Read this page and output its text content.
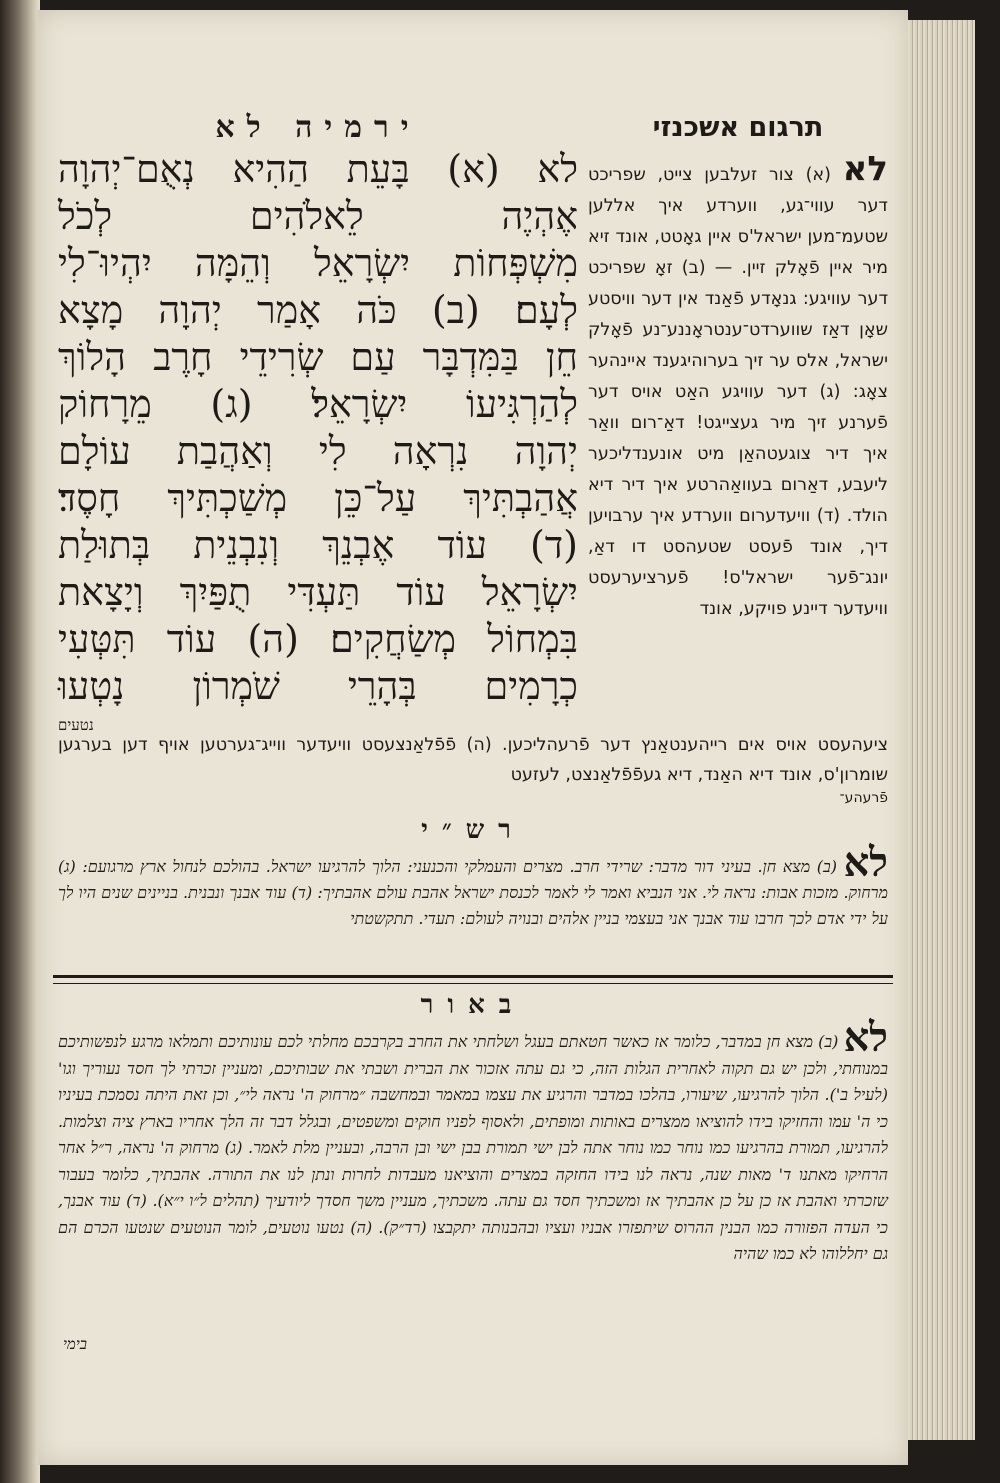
תרגום אשכנזי
לא (א) צור זעלבען צייט, שפריכט דער עווי־גע, ווערדע איך אללען שטעמ־מען ישראל'ס איין גאָטט, אונד זיא מיר איין פֿאָלק זיין. — (ב) זאָ שפריכט דער עוויגע: גנאָדע פֿאַנד אין דער וויסטע שאָן דאַז שווערדט־ענטראָננע־נע פֿאָלק ישראל, אלס ער זיך בערוהיגענד איינהער צאָג: (ג) דער עוויגע האַט אויס דער פֿערנע זיך מיר געצייגט! דאַ־רום וואַר איך דיר צוגעטהאַן מיט אונענדליכער ליעבע, דאַרום בעוואַהרטע איך דיר דיא הולד. (ד) וויעדערום ווערדע איך ערבויען דיך, אונד פֿעסט שטעהסט דו דאַ, יונג־פֿער ישראל'ס! פֿערציערעסט וויעדער דיינע פויקע, אונד
ירמיה לא
לא (א) בָּעֵת הַהִיא נְאֻם־יְהוָה
אֶהְיֶה לֵאלֹהִים לְכֹל
מִשְׁפְּחוֹת יִשְׂרָאֵל וְהֵמָּה יִהְיוּ־לִי
לְעָם׃ (ב) כֹּה אָמַר יְהוָה מָצָא
חֵן בַּמִּדְבָּר עַם שְׂרִידֵי חָרֶב הָלוֹךְ
לְהַרְגִּיעוֹ יִשְׂרָאֵל׃ (ג) מֵרָחוֹק
יְהוָה נִרְאָה לִי וְאַהֲבַת עוֹלָם
אֲהַבְתִּיךְ עַל־כֵּן מְשַׁכְתִּיךְ חָסֶד׃
(ד) עוֹד אֶבְנֵךְ וְנִבְנֵית בְּתוּלַת
יִשְׂרָאֵל עוֹד תַּעְדִּי תֻפַּיִךְ וְיָצָאת
בִּמְחוֹל מְשַׂחֲקִים׃ (ה) עוֹד תִּטְּעִי
כְרָמִים בְּהָרֵי שֹׁמְרוֹן נָטְעוּ
נטעים
ציעהעסט אויס אים רייהענטאַנץ דער פֿרעהליכען. (ה) פֿפֿלאַנצעסט וויעדער ווייג־גערטען אויף דען בערגען שומרון'ס, אונד דיא האַנד, דיא געפֿפֿלאַנצט, לעזעט
פֿרעהע־
רש״י
לא (ב) מצא חן. בעיני דור מדבר: שרידי חרב. מצרים והעמלקי והכנעני: הלוך להרגיעו ישראל. בהולכם לנחול ארץ מרגועם: (ג) מרחוק. מזכות אבות: נראה לי. אני הנביא ואמר לי לאמר לכנסת ישראל אהבת עולם אהבתיך: (ד) עוד אבנך ונבנית. בניינים שנים היו לך על ידי אדם לכך חרבו עוד אבנך אני בעצמי בניין אלהים ובנויה לעולם: תעדי. תתקשטתי
באור
לא (ב) מצא חן במדבר, כלומר אז כאשר חטאתם בעגל ושלחתי את החרב בקרבכם מחלתי לכם עונותיכם ותמלאו מרגע לנפשותיכם במנוחתי, ולכן יש גם תקוה לאחרית הגלות הזה, כי גם עתה אזכור את הברית ושבתי את שבותיכם, ומעניין זכרתי לך חסד נעוריך וגו' (לעיל ב'). הלוך להרגיעו, שיעורו, בהלכו במדבר והרגיע את עצמו במאמר ובמחשבה ״מרחוק ה' נראה לי״, וכן זאת היתה נסמכת בעיניו כי ה' עמו והחזיקו בידו להוציאו ממצרים באותות ומופתים, ולאסוף לפניו חוקים ומשפטים, ובגלל דבר זה הלך אחריו בארץ ציה וצלמות. להרגיעו, תמורת בהרגיעו כמו נוחר כמו נוחר אתה לבן ישי תמורת בבן ישי ובן הרבה, ובעניין מלת לאמר. (ג) מרחוק ה' נראה, ר״ל אחר הרחיקו מאתנו ד' מאות שנה, נראה לנו בידו החזקה במצרים והוציאנו מעבדות לחרות ונתן לנו את התורה. אהבתיך, כלומר בעבור שזכרתי ואהבת אז כן על כן אהבתיך אז ומשכתיך חסד גם עתה. משכתיך, מעניין משך חסדך ליודעיך (תהלים ל״ו י״א). (ד) עוד אבנך, כי העדה הפזורה כמו הבנין ההרוס שיתפזרו אבניו ועציו ובהבנותה יתקבצו (רד״ק). (ה) נטעו נוטעים, לומר הנוטעים שנטעו הכרם הם גם יחללוהו לא כמו שהיה
בימי
